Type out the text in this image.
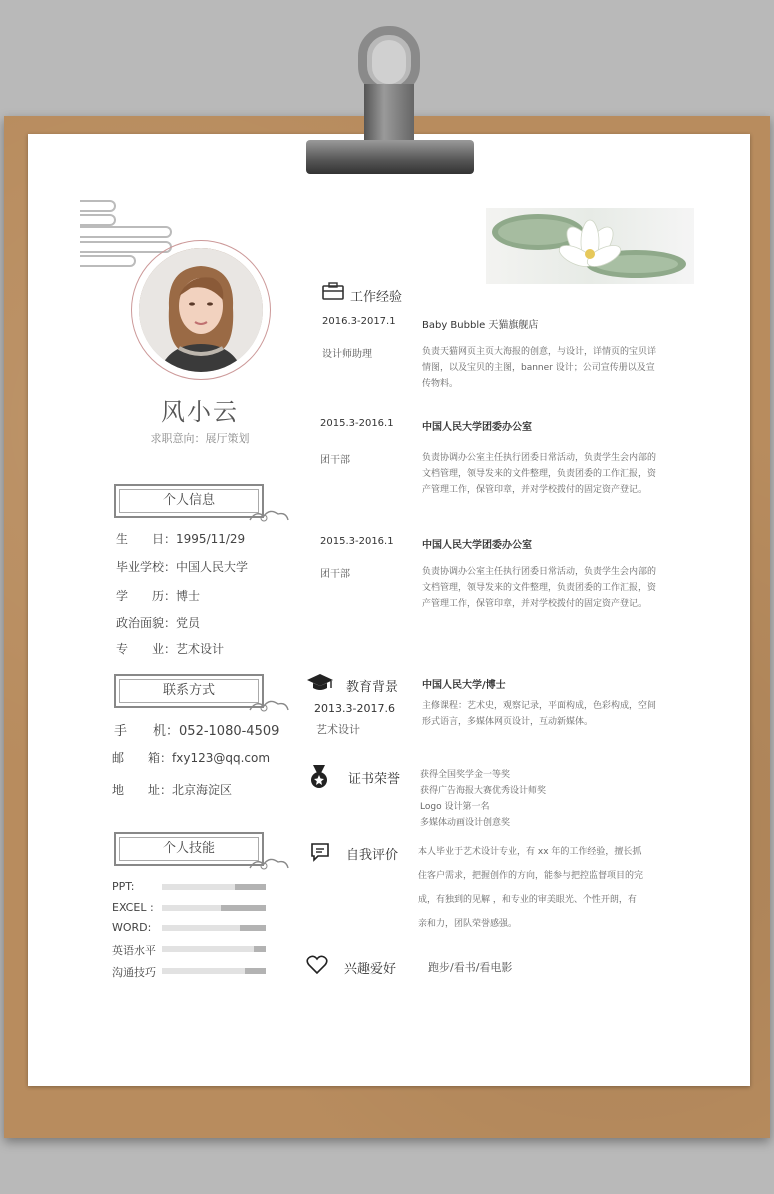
风小云
求职意向：展厅策划
个人信息
生　　日：1995/11/29
毕业学校：中国人民大学
学　　历：博士
政治面貌：党员
专　　业：艺术设计
联系方式
手　　机：052-1080-4509
邮　　箱：fxy123@qq.com
地　　址：北京海淀区
个人技能
PPT:
EXCEL :
WORD:
英语水平
沟通技巧
工作经验
2016.3-2017.1	Baby Bubble 天猫旗舰店
设计师助理	负责天猫网页主页大海报的创意，与设计，详情页的宝贝详情图，以及宝贝的主图，banner 设计；公司宣传册以及宣传物料。
2015.3-2016.1	中国人民大学团委办公室
团干部	负责协调办公室主任执行团委日常活动，负责学生会内部的文档管理，领导发来的文件整理，负责团委的工作汇报，资产管理工作，保管印章，并对学校拨付的固定资产登记。
2015.3-2016.1	中国人民大学团委办公室
团干部	负责协调办公室主任执行团委日常活动，负责学生会内部的文档管理，领导发来的文件整理，负责团委的工作汇报，资产管理工作，保管印章，并对学校拨付的固定资产登记。
教育背景 中国人民大学/博士
2013.3-2017.6
艺术设计
主修课程：艺术史，观察记录，平面构成，色彩构成，空间形式语言，多媒体网页设计，互动新媒体。
证书荣誉 获得全国奖学金一等奖
获得广告海报大赛优秀设计师奖
Logo 设计第一名
多媒体动画设计创意奖
自我评价 本人毕业于艺术设计专业，有 xx 年的工作经验，擅长抓
住客户需求，把握创作的方向，能参与把控监督项目的完
成，有独到的见解 ，和专业的审美眼光、个性开朗，有
亲和力，团队荣誉感强。
兴趣爱好	跑步/看书/看电影
